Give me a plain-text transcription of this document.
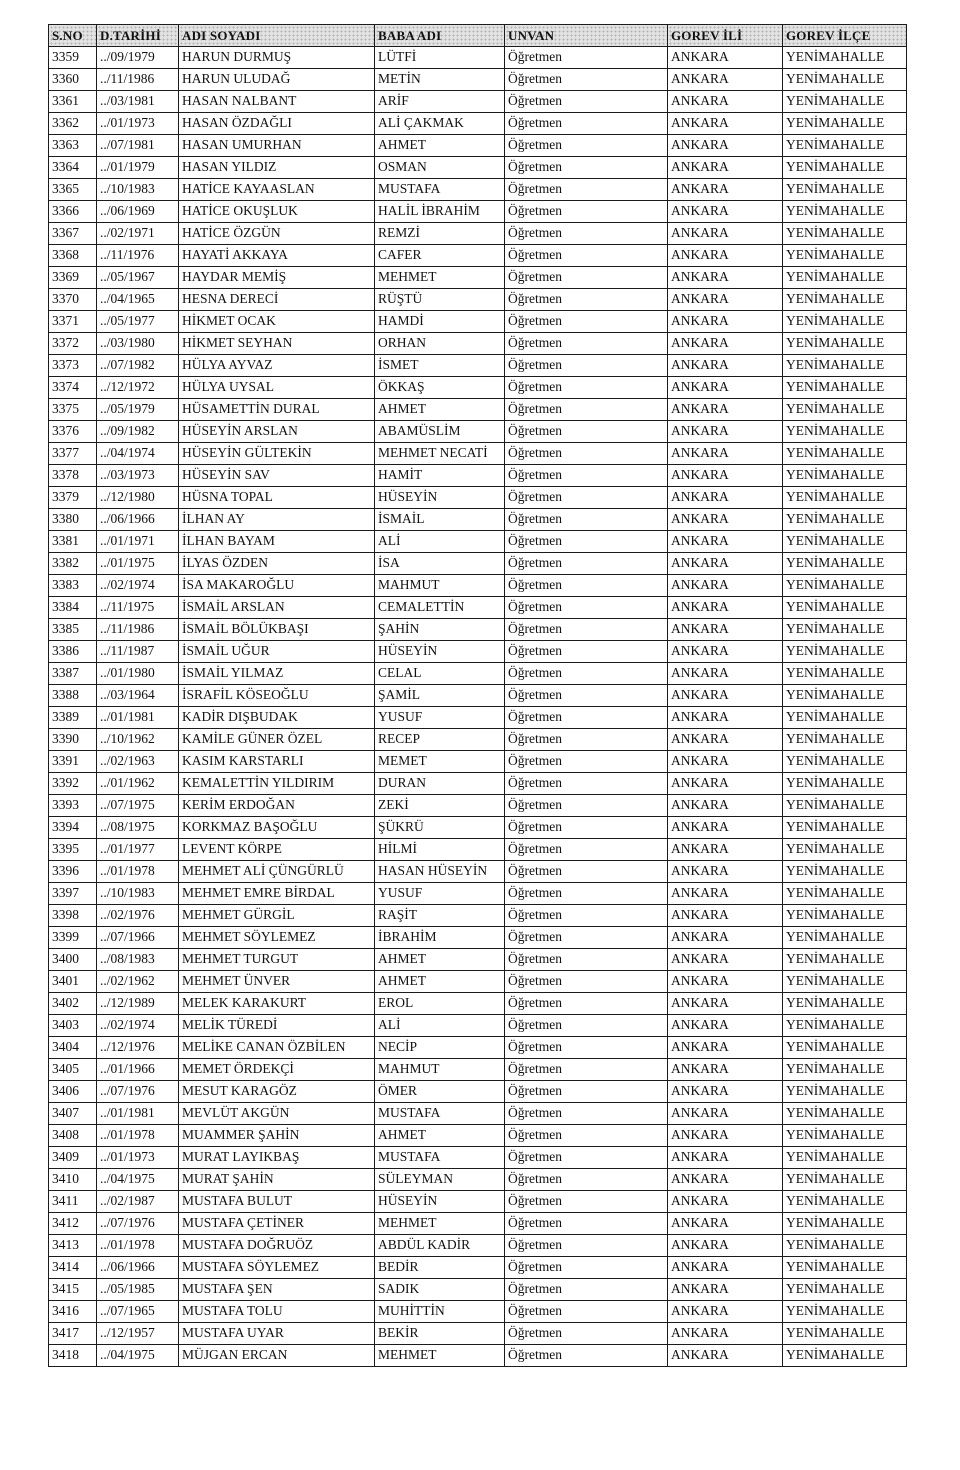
S.NO	D.TARİHİ	ADI SOYADI	BABA ADI	UNVAN	GOREV İLİ	GOREV İLÇE
3359	../09/1979	HARUN DURMUŞ	LÜTFİ	Öğretmen	ANKARA	YENİMAHALLE
3360	../11/1986	HARUN ULUDAĞ	METİN	Öğretmen	ANKARA	YENİMAHALLE
3361	../03/1981	HASAN NALBANT	ARİF	Öğretmen	ANKARA	YENİMAHALLE
3362	../01/1973	HASAN ÖZDAĞLI	ALİ ÇAKMAK	Öğretmen	ANKARA	YENİMAHALLE
3363	../07/1981	HASAN UMURHAN	AHMET	Öğretmen	ANKARA	YENİMAHALLE
3364	../01/1979	HASAN YILDIZ	OSMAN	Öğretmen	ANKARA	YENİMAHALLE
3365	../10/1983	HATİCE KAYAASLAN	MUSTAFA	Öğretmen	ANKARA	YENİMAHALLE
3366	../06/1969	HATİCE OKUŞLUK	HALİL İBRAHİM	Öğretmen	ANKARA	YENİMAHALLE
3367	../02/1971	HATİCE ÖZGÜN	REMZİ	Öğretmen	ANKARA	YENİMAHALLE
3368	../11/1976	HAYATİ AKKAYA	CAFER	Öğretmen	ANKARA	YENİMAHALLE
3369	../05/1967	HAYDAR MEMİŞ	MEHMET	Öğretmen	ANKARA	YENİMAHALLE
3370	../04/1965	HESNA DERECİ	RÜŞTÜ	Öğretmen	ANKARA	YENİMAHALLE
3371	../05/1977	HİKMET OCAK	HAMDİ	Öğretmen	ANKARA	YENİMAHALLE
3372	../03/1980	HİKMET SEYHAN	ORHAN	Öğretmen	ANKARA	YENİMAHALLE
3373	../07/1982	HÜLYA AYVAZ	İSMET	Öğretmen	ANKARA	YENİMAHALLE
3374	../12/1972	HÜLYA UYSAL	ÖKKAŞ	Öğretmen	ANKARA	YENİMAHALLE
3375	../05/1979	HÜSAMETTİN DURAL	AHMET	Öğretmen	ANKARA	YENİMAHALLE
3376	../09/1982	HÜSEYİN ARSLAN	ABAMÜSLİM	Öğretmen	ANKARA	YENİMAHALLE
3377	../04/1974	HÜSEYİN GÜLTEKİN	MEHMET NECATİ	Öğretmen	ANKARA	YENİMAHALLE
3378	../03/1973	HÜSEYİN SAV	HAMİT	Öğretmen	ANKARA	YENİMAHALLE
3379	../12/1980	HÜSNA TOPAL	HÜSEYİN	Öğretmen	ANKARA	YENİMAHALLE
3380	../06/1966	İLHAN AY	İSMAİL	Öğretmen	ANKARA	YENİMAHALLE
3381	../01/1971	İLHAN BAYAM	ALİ	Öğretmen	ANKARA	YENİMAHALLE
3382	../01/1975	İLYAS ÖZDEN	İSA	Öğretmen	ANKARA	YENİMAHALLE
3383	../02/1974	İSA MAKAROĞLU	MAHMUT	Öğretmen	ANKARA	YENİMAHALLE
3384	../11/1975	İSMAİL ARSLAN	CEMALETTİN	Öğretmen	ANKARA	YENİMAHALLE
3385	../11/1986	İSMAİL BÖLÜKBAŞI	ŞAHİN	Öğretmen	ANKARA	YENİMAHALLE
3386	../11/1987	İSMAİL UĞUR	HÜSEYİN	Öğretmen	ANKARA	YENİMAHALLE
3387	../01/1980	İSMAİL YILMAZ	CELAL	Öğretmen	ANKARA	YENİMAHALLE
3388	../03/1964	İSRAFİL KÖSEOĞLU	ŞAMİL	Öğretmen	ANKARA	YENİMAHALLE
3389	../01/1981	KADİR DIŞBUDAK	YUSUF	Öğretmen	ANKARA	YENİMAHALLE
3390	../10/1962	KAMİLE GÜNER ÖZEL	RECEP	Öğretmen	ANKARA	YENİMAHALLE
3391	../02/1963	KASIM KARSTARLI	MEMET	Öğretmen	ANKARA	YENİMAHALLE
3392	../01/1962	KEMALETTİN YILDIRIM	DURAN	Öğretmen	ANKARA	YENİMAHALLE
3393	../07/1975	KERİM ERDOĞAN	ZEKİ	Öğretmen	ANKARA	YENİMAHALLE
3394	../08/1975	KORKMAZ BAŞOĞLU	ŞÜKRÜ	Öğretmen	ANKARA	YENİMAHALLE
3395	../01/1977	LEVENT KÖRPE	HİLMİ	Öğretmen	ANKARA	YENİMAHALLE
3396	../01/1978	MEHMET ALİ ÇÜNGÜRLÜ	HASAN HÜSEYİN	Öğretmen	ANKARA	YENİMAHALLE
3397	../10/1983	MEHMET EMRE BİRDAL	YUSUF	Öğretmen	ANKARA	YENİMAHALLE
3398	../02/1976	MEHMET GÜRGİL	RAŞİT	Öğretmen	ANKARA	YENİMAHALLE
3399	../07/1966	MEHMET SÖYLEMEZ	İBRAHİM	Öğretmen	ANKARA	YENİMAHALLE
3400	../08/1983	MEHMET TURGUT	AHMET	Öğretmen	ANKARA	YENİMAHALLE
3401	../02/1962	MEHMET ÜNVER	AHMET	Öğretmen	ANKARA	YENİMAHALLE
3402	../12/1989	MELEK KARAKURT	EROL	Öğretmen	ANKARA	YENİMAHALLE
3403	../02/1974	MELİK TÜREDİ	ALİ	Öğretmen	ANKARA	YENİMAHALLE
3404	../12/1976	MELİKE CANAN ÖZBİLEN	NECİP	Öğretmen	ANKARA	YENİMAHALLE
3405	../01/1966	MEMET ÖRDEKÇİ	MAHMUT	Öğretmen	ANKARA	YENİMAHALLE
3406	../07/1976	MESUT KARAGÖZ	ÖMER	Öğretmen	ANKARA	YENİMAHALLE
3407	../01/1981	MEVLÜT AKGÜN	MUSTAFA	Öğretmen	ANKARA	YENİMAHALLE
3408	../01/1978	MUAMMER ŞAHİN	AHMET	Öğretmen	ANKARA	YENİMAHALLE
3409	../01/1973	MURAT LAYIKBAŞ	MUSTAFA	Öğretmen	ANKARA	YENİMAHALLE
3410	../04/1975	MURAT ŞAHİN	SÜLEYMAN	Öğretmen	ANKARA	YENİMAHALLE
3411	../02/1987	MUSTAFA BULUT	HÜSEYİN	Öğretmen	ANKARA	YENİMAHALLE
3412	../07/1976	MUSTAFA ÇETİNER	MEHMET	Öğretmen	ANKARA	YENİMAHALLE
3413	../01/1978	MUSTAFA DOĞRUÖZ	ABDÜL KADİR	Öğretmen	ANKARA	YENİMAHALLE
3414	../06/1966	MUSTAFA SÖYLEMEZ	BEDİR	Öğretmen	ANKARA	YENİMAHALLE
3415	../05/1985	MUSTAFA ŞEN	SADIK	Öğretmen	ANKARA	YENİMAHALLE
3416	../07/1965	MUSTAFA TOLU	MUHİTTİN	Öğretmen	ANKARA	YENİMAHALLE
3417	../12/1957	MUSTAFA UYAR	BEKİR	Öğretmen	ANKARA	YENİMAHALLE
3418	../04/1975	MÜJGAN ERCAN	MEHMET	Öğretmen	ANKARA	YENİMAHALLE
